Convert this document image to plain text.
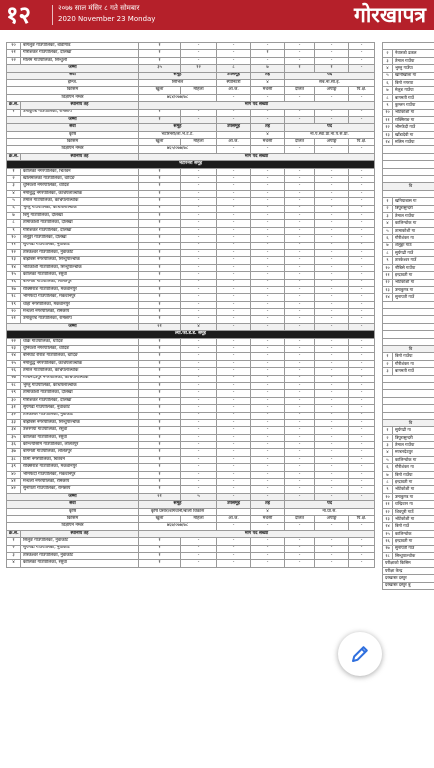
१२	२०७७ साल मंसिर ८ गते सोमबार
2020 November 23 Monday	गोरखापत्र
२०	बागलुङ गाउँपालिका, बाडीगाड	१	-	-	-	-	-	-
२१	गौरीशंकर गाउँपालिका, दोलखा	१	-	-	१	-	-	-
२२	मलिम गाउँपालिका, सिन्धुली	१	-	-	-	-	-	-
जम्मा		३५	१२	८	७	१	१	-
सेवा		समूह		उपसमूह	तह	पद		
इन्जि.		सिभिल		स्यानिटरी	४	सब.ना.सा.ई.		
किसिम		खुला	महिला	आ.ज.	मधेसी	दलित	अपाङ्ग	पि.क्षे.
विज्ञापन नम्बर		७६४/०७७/७८		-	-	-	-	-
क्र.सं.	स्थानीय तह	माग पद संख्या						
१	उमाकुण्ड गाउँपालिका, रामेछाप	१	-	-	-	-	-	-
जम्मा		१	-	-	-	-	-	-
सेवा		समूह		उपसमूह	तह	पद		
कृषि		भेटेरिनरी/ला.भे.टे.टे.			४	ना.प.स्वा.प्रा.ना.प.से.प्रा.		
किसिम		खुला	महिला	आ.ज.	मधेसी	दलित	अपाङ्ग	पि.क्षे.
विज्ञापन नम्बर		७६५/०७७/७८		-	-	-	-	-
क्र.सं.	स्थानीय तह	माग पद संख्या						
भेटेरिनरी समूह								
१	कालिका नगरपालिका, चितवन	१	-	-	-	-	-	-
२	खलिमालका गाउँपालिका, धादिङ	१	-	-	-	-	-	-
३	धुनिवेशी नगरपालिका, धादिङ	१	-	-	-	-	-	-
४	नमोबुद्ध नगरपालिका, काभ्रेपलाञ्चोक	१	-	-	-	-	-	-
५	तेमाल गाउँपालिका, काभ्रेपलाञ्चोक	१	-	-	-	-	-	-
६	भुम्लु गाउँपालिका, काभ्रेपलाञ्चोक	१	-	-	-	-	-	-
७	बिगु गाउँपालिका, दोलखा	१	-	-	-	-	-	-
८	तामाकोशी गाउँपालिका, दोलखा	१	-	-	-	-	-	-
९	गौरीशंकर गाउँपालिका, दोलखा	१	-	-	-	-	-	-
१०	शैलुङ्गा गाउँपालिका, दोलखा	१	-	-	-	-	-	-
११	सुर्यगढी गाउँपालिका, नुवाकोट	१	-	-	-	-	-	-
१२	तारकेश्वर गाउँपालिका, नुवाकोट	१	-	-	-	-	-	-
१३	बाह्रबिसे नगरपालिका, सिन्धुपाल्चोक	१	-	-	-	-	-	-
१४	भोटेकोशी गाउँपालिका, सिन्धुपाल्चोक	१	-	-	-	-	-	-
१५	कालिका गाउँपालिका, रसुवा	१	-	-	-	-	-	-
१६	बागमती गाउँपालिका, ललितपुर	१	-	-	-	-	-	-
१७	राक्सिराङ गाउँपालिका, मकवानपुर	१	-	-	-	-	-	-
१८	भीमफेदी गाउँपालिका, मकवानपुर	१	-	-	-	-	-	-
१९	थाहा नगरपालिका, मकवानपुर	१	-	-	-	-	-	-
२०	मन्थली नगरपालिका, रामेछाप	१	-	-	-	-	-	-
२१	उमाकुण्ड गाउँपालिका, रामेछाप	१	-	-	-	-	-	-
जम्मा		२१	४	-	-	-	-	-
ल्या.फो.डे.डे. समूह								
२२	थाक्रे गाउँपालिका, धादिङ	१	-	-	-	-	-	-
२३	धुनिवेशी नगरपालिका, धादिङ	१	-	-	-	-	-	-
२४	बेनिघाट रोराङ गाउँपालिका, धादिङ	१	-	-	-	-	-	-
२५	नमोबुद्ध नगरपालिका, काभ्रेपलाञ्चोक	१	-	-	-	-	-	-
२६	तेमाल गाउँपालिका, काभ्रेपलाञ्चोक	१	-	-	-	-	-	-
२७	मण्डनदेउपुर नगरपालिका, काभ्रेपलाञ्चोक	१	-	-	-	-	-	-
२८	भुम्लु गाउँपालिका, काभ्रेपलाञ्चोक	१	-	-	-	-	-	-
२९	तामाकोशी गाउँपालिका, दोलखा	१	-	-	-	-	-	-
३०	गौरीशंकर गाउँपालिका, दोलखा	१	-	-	-	-	-	-
३१	सुर्यगढी गाउँपालिका, नुवाकोट	१	-	-	-	-	-	-
३२	तारकेश्वर गाउँपालिका, नुवाकोट	१	-	-	-	-	-	-
३३	बाह्रबिसे नगरपालिका, सिन्धुपाल्चोक	१	-	-	-	-	-	-
३४	उत्तरगया गाउँपालिका, रसुवा	१	-	-	-	-	-	-
३५	कालिका गाउँपालिका, रसुवा	१	-	-	-	-	-	-
३६	कोन्ज्योसोम गाउँपालिका, ललितपुर	१	-	-	-	-	-	-
३७	बागमती गाउँपालिका, ललितपुर	१	-	-	-	-	-	-
३८	ठिमी नगरपालिका, चितवन	१	-	-	-	-	-	-
३९	राक्सिराङ गाउँपालिका, मकवानपुर	१	-	-	-	-	-	-
४०	भीमफेदी गाउँपालिका, मकवानपुर	१	-	-	-	-	-	-
४१	मन्थली नगरपालिका, रामेछाप	१	-	-	-	-	-	-
४२	सुनापती गाउँपालिका, रामेछाप	१	-	-	-	-	-	-
जम्मा		२१	५	-	-	-	-	-
सेवा		समूह		उपसमूह	तह	पद		
कृषि		कृषि प्रसार/बागवानी/बाली विकास			४	ना.प्रा.स.		
किसिम		खुला	महिला	आ.ज.	मधेसी	दलित	अपाङ्ग	पि.क्षे.
विज्ञापन नम्बर		७६७/०७७/७८		-	-	-	-	-
क्र.सं.	स्थानीय तह	माग पद संख्या						
१	सिलुङ गाउँपालिका, नुवाकोट	१	-	-	-	-	-	-
२	सुर्यगढी गाउँपालिका, नुवाकोट	१	-	-	-	-	-	-
३	तारकेश्वर गाउँपालिका, नुवाकोट	१	-	-	-	-	-	-
४	कालिका गाउँपालिका, रसुवा	१	-	-	-	-	-	-

२	नेवारको ढकल
३	तेमाल गाउँपा
४	भुम्लु गाउँपा
५	खानीखोला गा
६	बिगो नगरपा
७	मेलुङ गाउँपा
८	बागमती गाउँ
९	कुम्लन गाउँपा
१०	भोटेकोशी गा
११	राक्सिराङ गा
१२	भीमफेदी गाउँ
१३	खाँडादेवी गा
१४	मलिम गाउँपा

वि	

१	खनियाबास गा
२	त्रिपुरासुन्दरी
३	तेमाल गाउँपा
४	कालिन्चोक गा
५	तामाकोशी गा
६	गौरीशंकर गा
७	शैलुङ्गा गाउँ
८	सुर्यगढी गाउँ
९	तारकेश्वर गाउँ
१०	नौबिसे गाउँपा
११	इन्द्रावती गा
१२	भोटेकोशी गा
१३	उमाकुण्ड गा
१४	सुनापती गाउँ

वि	
१	बिगो गाउँपा
२	गौरीशंकर गा
३	बागमती गाउँ

वि	
१	सुर्यगढी गा
२	त्रिपुरासुन्दरी
३	तेमाल गाउँपा
४	मण्डनदेउपुर
५	कालिन्चोक गा
६	गौरीशंकर गा
७	बिगो गाउँपा
८	इन्द्रावती गा
९	भोटेकोशी गा
१०	उमाकुण्ड गा
११	चन्द्रिवान गा
१२	शिवपुरी गाउँ
१३	भोटेकोशी गा
१४	बिगो गाउँ
१५	कालिन्चोक
१६	इन्द्रावती गा
१७	सुनापती गाउँ
१८	सिन्धुपाल्चोक
परीक्षाको किसिम	
परीक्षा केन्द्र	
दरखास्त दस्तुर	
दरखास्त दस्तुर बु	
